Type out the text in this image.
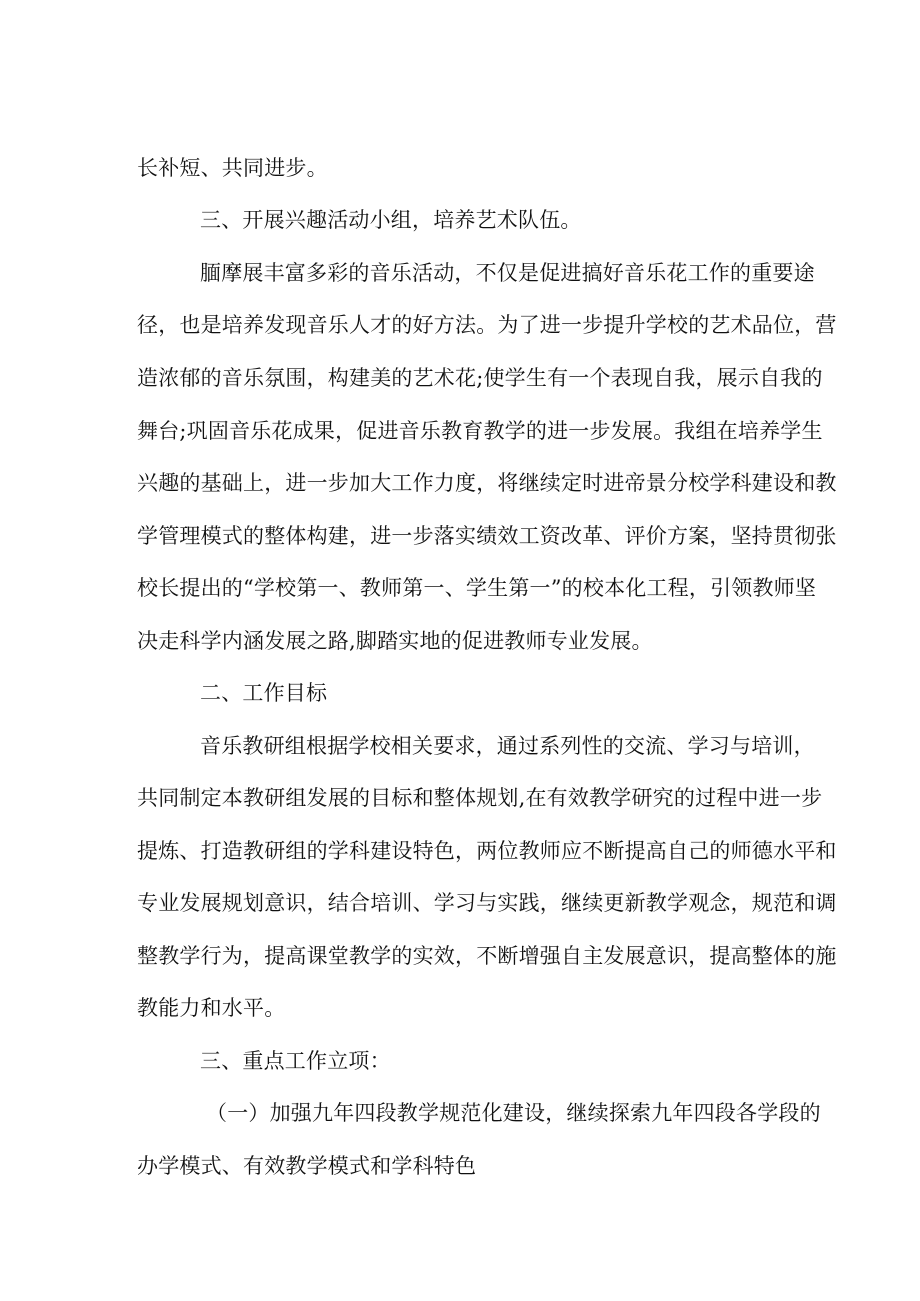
长补短、共同进步。
三、开展兴趣活动小组，培养艺术队伍。
腼摩展丰富多彩的音乐活动，不仅是促进搞好音乐花工作的重要途
径，也是培养发现音乐人才的好方法。为了进一步提升学校的艺术品位，营
造浓郁的音乐氛围，构建美的艺术花;使学生有一个表现自我，展示自我的
舞台;巩固音乐花成果，促进音乐教育教学的进一步发展。我组在培养学生
兴趣的基础上，进一步加大工作力度，将继续定时进帝景分校学科建设和教
学管理模式的整体构建，进一步落实绩效工资改革、评价方案，坚持贯彻张
校长提出的“学校第一、教师第一、学生第一”的校本化工程，引领教师坚
决走科学内涵发展之路,脚踏实地的促进教师专业发展。
二、工作目标
音乐教研组根据学校相关要求，通过系列性的交流、学习与培训，
共同制定本教研组发展的目标和整体规划,在有效教学研究的过程中进一步
提炼、打造教研组的学科建设特色，两位教师应不断提高自己的师德水平和
专业发展规划意识，结合培训、学习与实践，继续更新教学观念，规范和调
整教学行为，提高课堂教学的实效，不断增强自主发展意识，提高整体的施
教能力和水平。
三、重点工作立项：
（一）加强九年四段教学规范化建设，继续探索九年四段各学段的
办学模式、有效教学模式和学科特色
